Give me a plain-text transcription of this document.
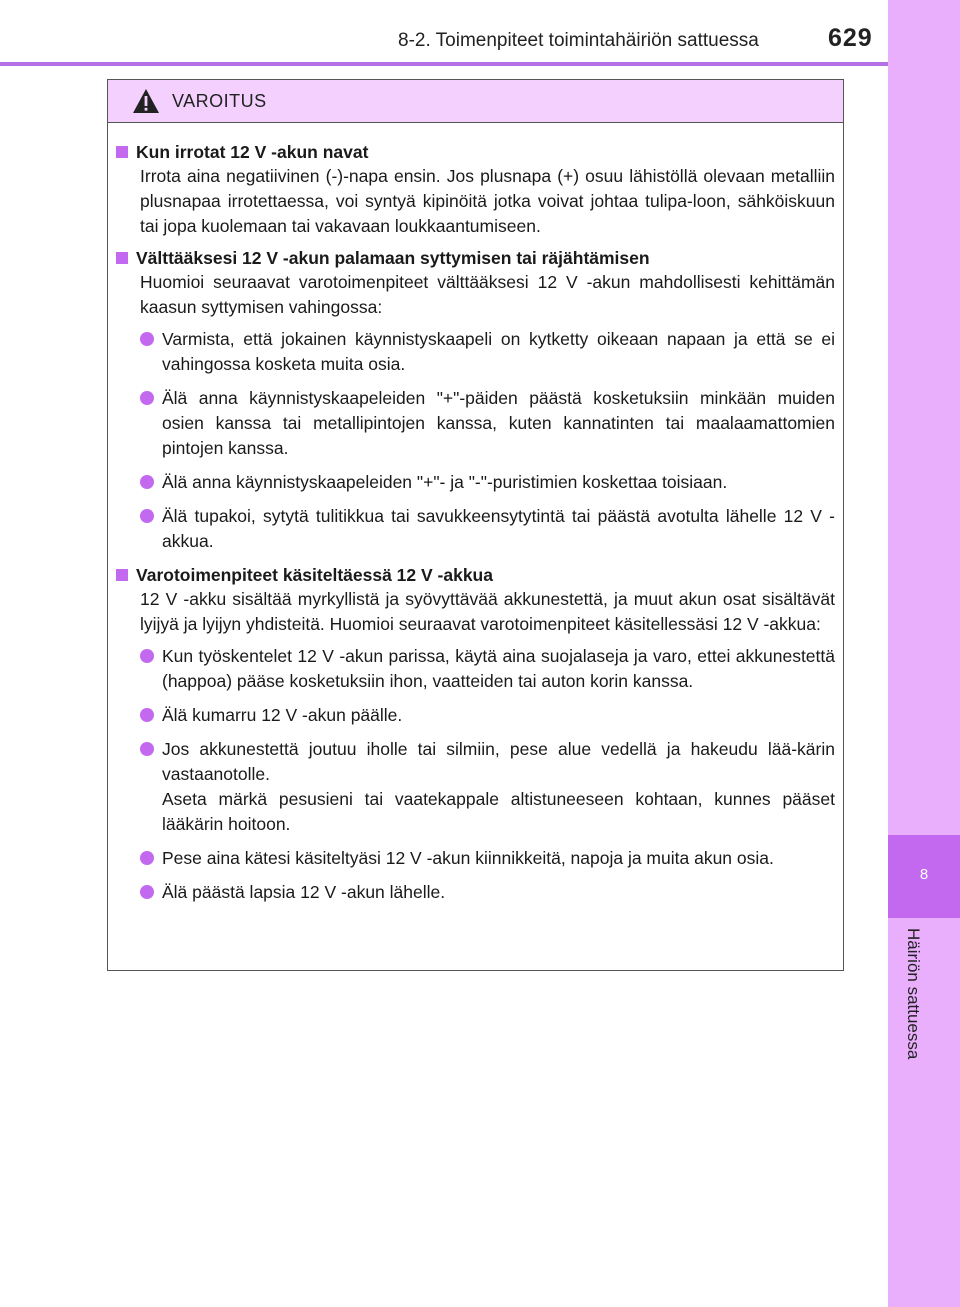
8-2. Toimenpiteet toimintahäiriön sattuessa	629
8
Häiriön sattuessa
VAROITUS
Kun irrotat 12 V -akun navat
Irrota aina negatiivinen (-)-napa ensin. Jos plusnapa (+) osuu lähistöllä olevaan metalliin plusnapaa irrotettaessa, voi syntyä kipinöitä jotka voivat johtaa tulipa-loon, sähköiskuun tai jopa kuolemaan tai vakavaan loukkaantumiseen.
Välttääksesi 12 V -akun palamaan syttymisen tai räjähtämisen
Huomioi seuraavat varotoimenpiteet välttääksesi 12 V -akun mahdollisesti kehittämän kaasun syttymisen vahingossa:
Varmista, että jokainen käynnistyskaapeli on kytketty oikeaan napaan ja että se ei vahingossa kosketa muita osia.
Älä anna käynnistyskaapeleiden "+"-päiden päästä kosketuksiin minkään muiden osien kanssa tai metallipintojen kanssa, kuten kannatinten tai maalaamattomien pintojen kanssa.
Älä anna käynnistyskaapeleiden "+"- ja "-"-puristimien koskettaa toisiaan.
Älä tupakoi, sytytä tulitikkua tai savukkeensytytintä tai päästä avotulta lähelle 12 V -akkua.
Varotoimenpiteet käsiteltäessä 12 V -akkua
12 V -akku sisältää myrkyllistä ja syövyttävää akkunestettä, ja muut akun osat sisältävät lyijyä ja lyijyn yhdisteitä. Huomioi seuraavat varotoimenpiteet käsitellessäsi 12 V -akkua:
Kun työskentelet 12 V -akun parissa, käytä aina suojalaseja ja varo, ettei akkunestettä (happoa) pääse kosketuksiin ihon, vaatteiden tai auton korin kanssa.
Älä kumarru 12 V -akun päälle.
Jos akkunestettä joutuu iholle tai silmiin, pese alue vedellä ja hakeudu lää-kärin vastaanotolle.
Aseta märkä pesusieni tai vaatekappale altistuneeseen kohtaan, kunnes pääset lääkärin hoitoon.
Pese aina kätesi käsiteltyäsi 12 V -akun kiinnikkeitä, napoja ja muita akun osia.
Älä päästä lapsia 12 V -akun lähelle.
